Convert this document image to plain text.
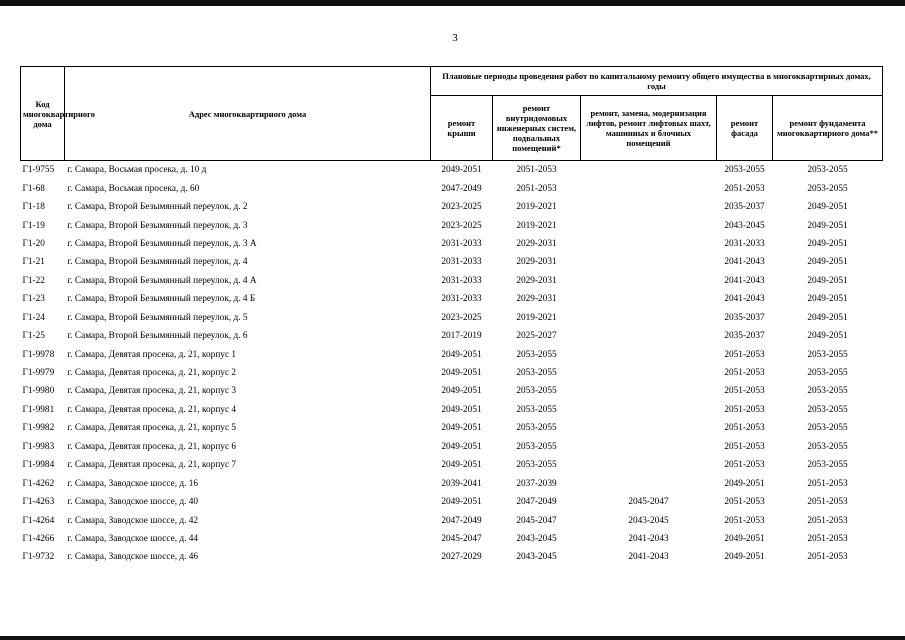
3
Код многоквартирного дома	Адрес многоквартирного дома	Плановые периоды проведения работ по капитальному ремонту общего имущества в многоквартирных домах, годы				
		ремонт крыши	ремонт внутридомовых инженерных систем, подвальных помещений*	ремонт, замена, модернизация лифтов, ремонт лифтовых шахт, машинных и блочных помещений	ремонт фасада	ремонт фундамента многоквартирного дома**
Г1-9755	г. Самара, Восьмая просека, д. 10 д	2049-2051	2051-2053		2053-2055	2053-2055
Г1-68	г. Самара, Восьмая просека, д. 60	2047-2049	2051-2053		2051-2053	2053-2055
Г1-18	г. Самара, Второй Безымянный переулок, д. 2	2023-2025	2019-2021		2035-2037	2049-2051
Г1-19	г. Самара, Второй Безымянный переулок, д. 3	2023-2025	2019-2021		2043-2045	2049-2051
Г1-20	г. Самара, Второй Безымянный переулок, д. 3 А	2031-2033	2029-2031		2031-2033	2049-2051
Г1-21	г. Самара, Второй Безымянный переулок, д. 4	2031-2033	2029-2031		2041-2043	2049-2051
Г1-22	г. Самара, Второй Безымянный переулок, д. 4 А	2031-2033	2029-2031		2041-2043	2049-2051
Г1-23	г. Самара, Второй Безымянный переулок, д. 4 Б	2031-2033	2029-2031		2041-2043	2049-2051
Г1-24	г. Самара, Второй Безымянный переулок, д. 5	2023-2025	2019-2021		2035-2037	2049-2051
Г1-25	г. Самара, Второй Безымянный переулок, д. 6	2017-2019	2025-2027		2035-2037	2049-2051
Г1-9978	г. Самара, Девятая просека, д. 21, корпус 1	2049-2051	2053-2055		2051-2053	2053-2055
Г1-9979	г. Самара, Девятая просека, д. 21, корпус 2	2049-2051	2053-2055		2051-2053	2053-2055
Г1-9980	г. Самара, Девятая просека, д. 21, корпус 3	2049-2051	2053-2055		2051-2053	2053-2055
Г1-9981	г. Самара, Девятая просека, д. 21, корпус 4	2049-2051	2053-2055		2051-2053	2053-2055
Г1-9982	г. Самара, Девятая просека, д. 21, корпус 5	2049-2051	2053-2055		2051-2053	2053-2055
Г1-9983	г. Самара, Девятая просека, д. 21, корпус 6	2049-2051	2053-2055		2051-2053	2053-2055
Г1-9984	г. Самара, Девятая просека, д. 21, корпус 7	2049-2051	2053-2055		2051-2053	2053-2055
Г1-4262	г. Самара, Заводское шоссе, д. 16	2039-2041	2037-2039		2049-2051	2051-2053
Г1-4263	г. Самара, Заводское шоссе, д. 40	2049-2051	2047-2049	2045-2047	2051-2053	2051-2053
Г1-4264	г. Самара, Заводское шоссе, д. 42	2047-2049	2045-2047	2043-2045	2051-2053	2051-2053
Г1-4266	г. Самара, Заводское шоссе, д. 44	2045-2047	2043-2045	2041-2043	2049-2051	2051-2053
Г1-9732	г. Самара, Заводское шоссе, д. 46	2027-2029	2043-2045	2041-2043	2049-2051	2051-2053
